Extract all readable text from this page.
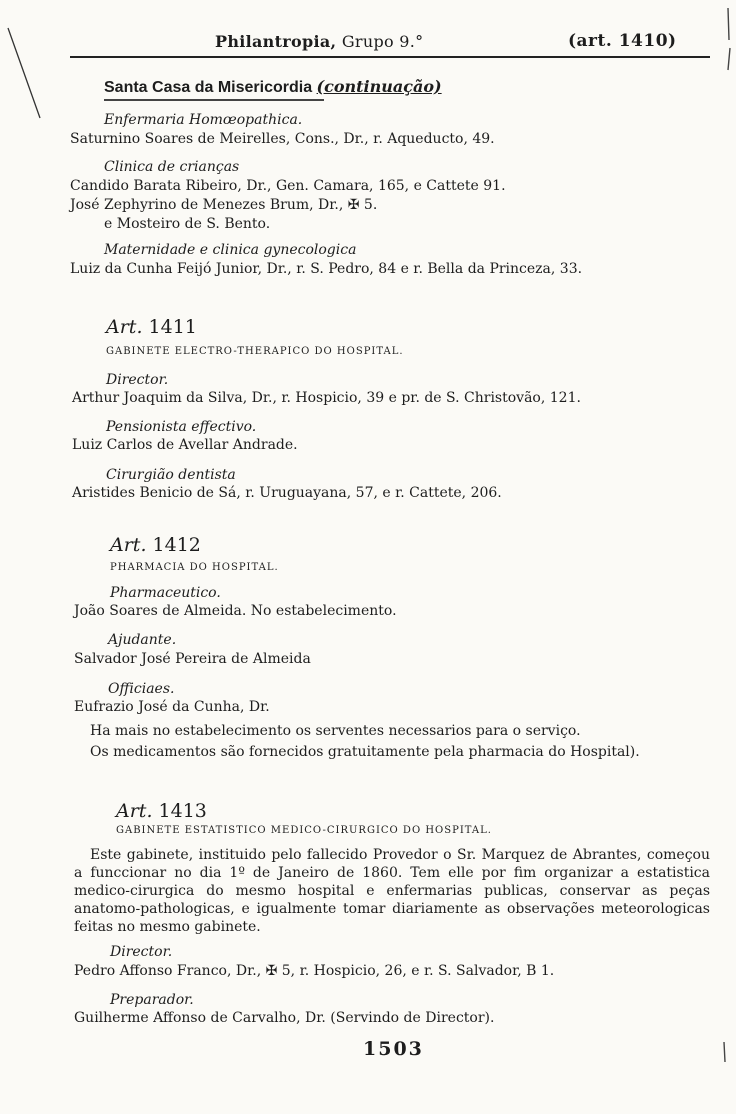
Philantropia, Grupo 9.°	(art. 1410)
Santa Casa da Misericordia (continuação)
Enfermaria Homœopathica.
Saturnino Soares de Meirelles, Cons., Dr., r. Aqueducto, 49.
Clinica de crianças
Candido Barata Ribeiro, Dr., Gen. Camara, 165, e Cattete 91.
José Zephyrino de Menezes Brum, Dr., ✠ 5.
e Mosteiro de S. Bento.
Maternidade e clinica gynecologica
Luiz da Cunha Feijó Junior, Dr., r. S. Pedro, 84 e r. Bella da Princeza, 33.
Art. 1411
GABINETE ELECTRO-THERAPICO DO HOSPITAL.
Director.
Arthur Joaquim da Silva, Dr., r. Hospicio, 39 e pr. de S. Christovão, 121.
Pensionista effectivo.
Luiz Carlos de Avellar Andrade.
Cirurgião dentista
Aristides Benicio de Sá, r. Uruguayana, 57, e r. Cattete, 206.
Art. 1412
PHARMACIA DO HOSPITAL.
Pharmaceutico.
João Soares de Almeida. No estabelecimento.
Ajudante.
Salvador José Pereira de Almeida
Officiaes.
Eufrazio José da Cunha, Dr.
Ha mais no estabelecimento os serventes necessarios para o serviço.
Os medicamentos são fornecidos gratuitamente pela pharmacia do Hospital).
Art. 1413
GABINETE ESTATISTICO MEDICO-CIRURGICO DO HOSPITAL.

Este gabinete, instituido pelo fallecido Provedor o Sr. Marquez de Abrantes, começou a funccionar no dia 1º de Janeiro de 1860. Tem elle por fim organizar a estatistica medico-cirurgica do mesmo hospital e enfermarias publicas, conservar as peças anatomo-pathologicas, e igualmente tomar diariamente as observações meteorologicas feitas no mesmo gabinete.

Director.
Pedro Affonso Franco, Dr., ✠ 5, r. Hospicio, 26, e r. S. Salvador, B 1.
Preparador.
Guilherme Affonso de Carvalho, Dr. (Servindo de Director).
1503
